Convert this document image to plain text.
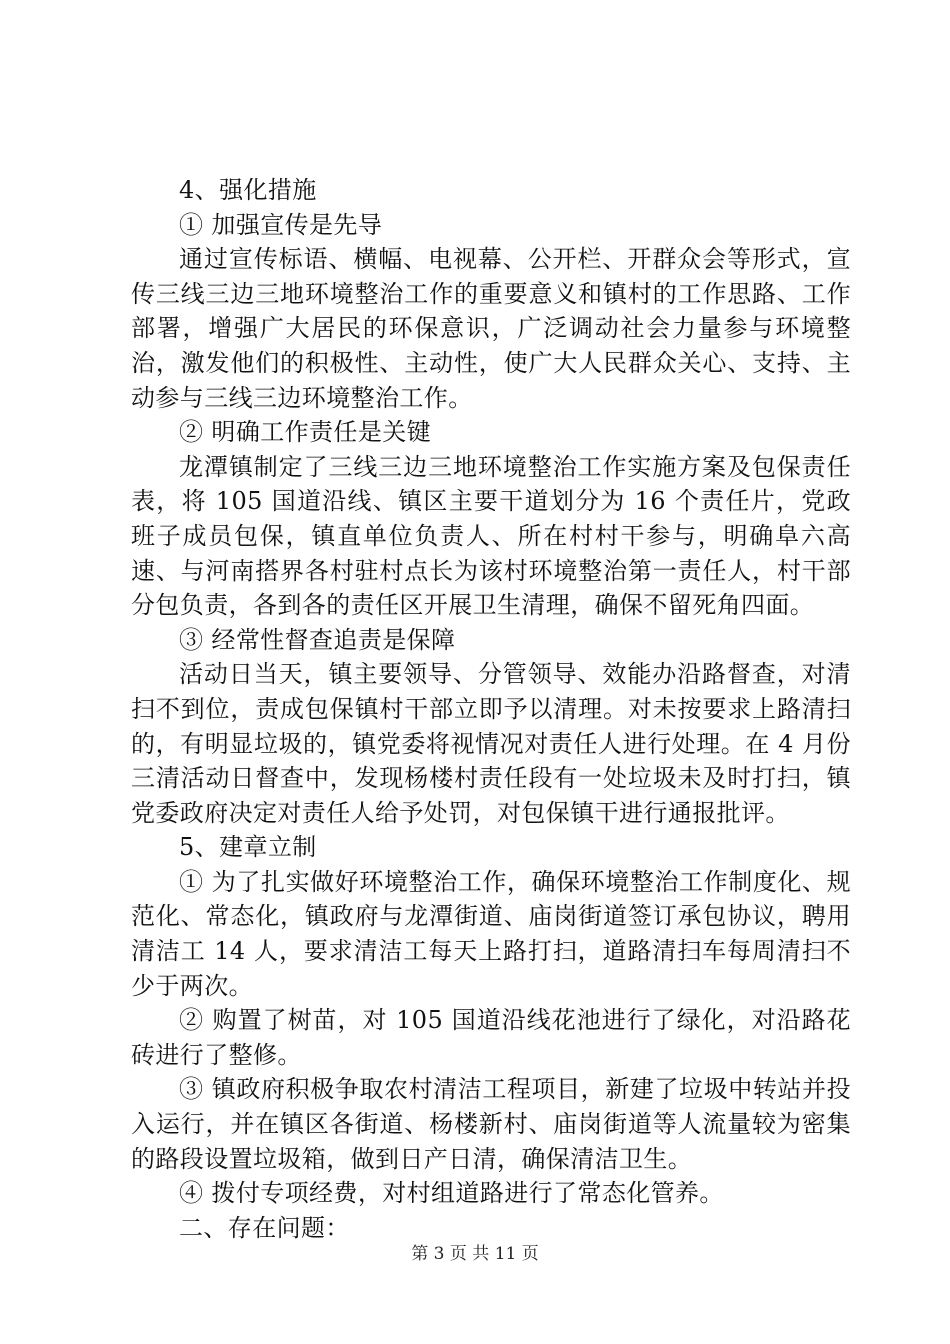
4、强化措施

① 加强宣传是先导

通过宣传标语、横幅、电视幕、公开栏、开群众会等形式，宣传三线三边三地环境整治工作的重要意义和镇村的工作思路、工作部署，增强广大居民的环保意识，广泛调动社会力量参与环境整治，激发他们的积极性、主动性，使广大人民群众关心、支持、主动参与三线三边环境整治工作。

② 明确工作责任是关键

龙潭镇制定了三线三边三地环境整治工作实施方案及包保责任表，将 105 国道沿线、镇区主要干道划分为 16 个责任片，党政班子成员包保，镇直单位负责人、所在村村干参与，明确阜六高速、与河南搭界各村驻村点长为该村环境整治第一责任人，村干部分包负责，各到各的责任区开展卫生清理，确保不留死角四面。

③ 经常性督查追责是保障

活动日当天，镇主要领导、分管领导、效能办沿路督查，对清扫不到位，责成包保镇村干部立即予以清理。对未按要求上路清扫的，有明显垃圾的，镇党委将视情况对责任人进行处理。在 4 月份三清活动日督查中，发现杨楼村责任段有一处垃圾未及时打扫，镇党委政府决定对责任人给予处罚，对包保镇干进行通报批评。

5、建章立制

① 为了扎实做好环境整治工作，确保环境整治工作制度化、规范化、常态化，镇政府与龙潭街道、庙岗街道签订承包协议，聘用清洁工 14 人，要求清洁工每天上路打扫，道路清扫车每周清扫不少于两次。

② 购置了树苗，对 105 国道沿线花池进行了绿化，对沿路花砖进行了整修。

③ 镇政府积极争取农村清洁工程项目，新建了垃圾中转站并投入运行，并在镇区各街道、杨楼新村、庙岗街道等人流量较为密集的路段设置垃圾箱，做到日产日清，确保清洁卫生。

④ 拨付专项经费，对村组道路进行了常态化管养。

二、存在问题：

第 3 页 共 11 页
